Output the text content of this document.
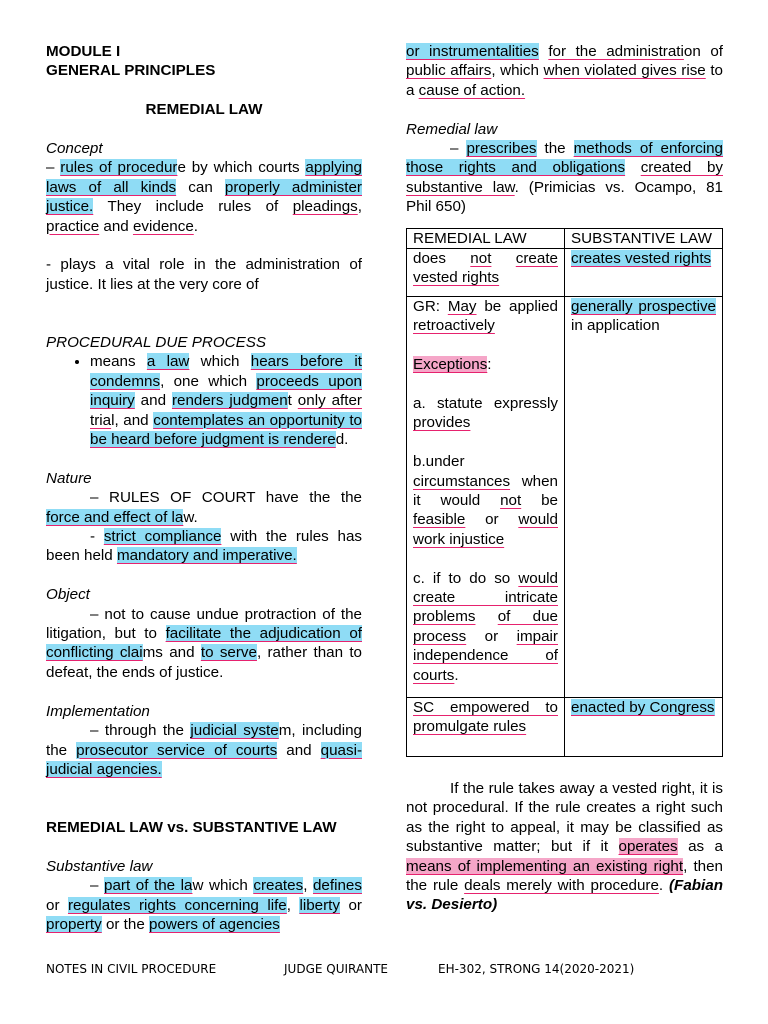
MODULE I

GENERAL PRINCIPLES

REMEDIAL LAW

Concept

– rules of procedure by which courts applying laws of all kinds can properly administer justice. They include rules of pleadings, practice and evidence.

- plays a vital role in the administration of justice. It lies at the very core of

PROCEDURAL DUE PROCESS

• means a law which hears before it condemns, one which proceeds upon inquiry and renders judgment only after trial, and contemplates an opportunity to be heard before judgment is rendered.

Nature

– RULES OF COURT have the the force and effect of law.

- strict compliance with the rules has been held mandatory and imperative.

Object

– not to cause undue protraction of the litigation, but to facilitate the adjudication of conflicting claims and to serve, rather than to defeat, the ends of justice.

Implementation

– through the judicial system, including the prosecutor service of courts and quasi-judicial agencies.

REMEDIAL LAW vs. SUBSTANTIVE LAW

Substantive law

– part of the law which creates, defines or regulates rights concerning life, liberty or property or the powers of agencies

or instrumentalities for the administration of public affairs, which when violated gives rise to a cause of action.

Remedial law

– prescribes the methods of enforcing those rights and obligations created by substantive law. (Primicias vs. Ocampo, 81 Phil 650)

REMEDIAL LAW	SUBSTANTIVE LAW
does not create vested rights	creates vested rights

GR: May be applied retroactively

Exceptions:

a. statute expressly provides

b.under circumstances when it would not be feasible or would work injustice

c. if to do so would create intricate problems of due process or impair independence of courts.	generally prospective in application
SC empowered to promulgate rules	enacted by Congress

If the rule takes away a vested right, it is not procedural. If the rule creates a right such as the right to appeal, it may be classified as substantive matter; but if it operates as a means of implementing an existing right, then the rule deals merely with procedure. (Fabian vs. Desierto)

NOTES IN CIVIL PROCEDURE	JUDGE QUIRANTE	EH-302, STRONG 14(2020-2021)
